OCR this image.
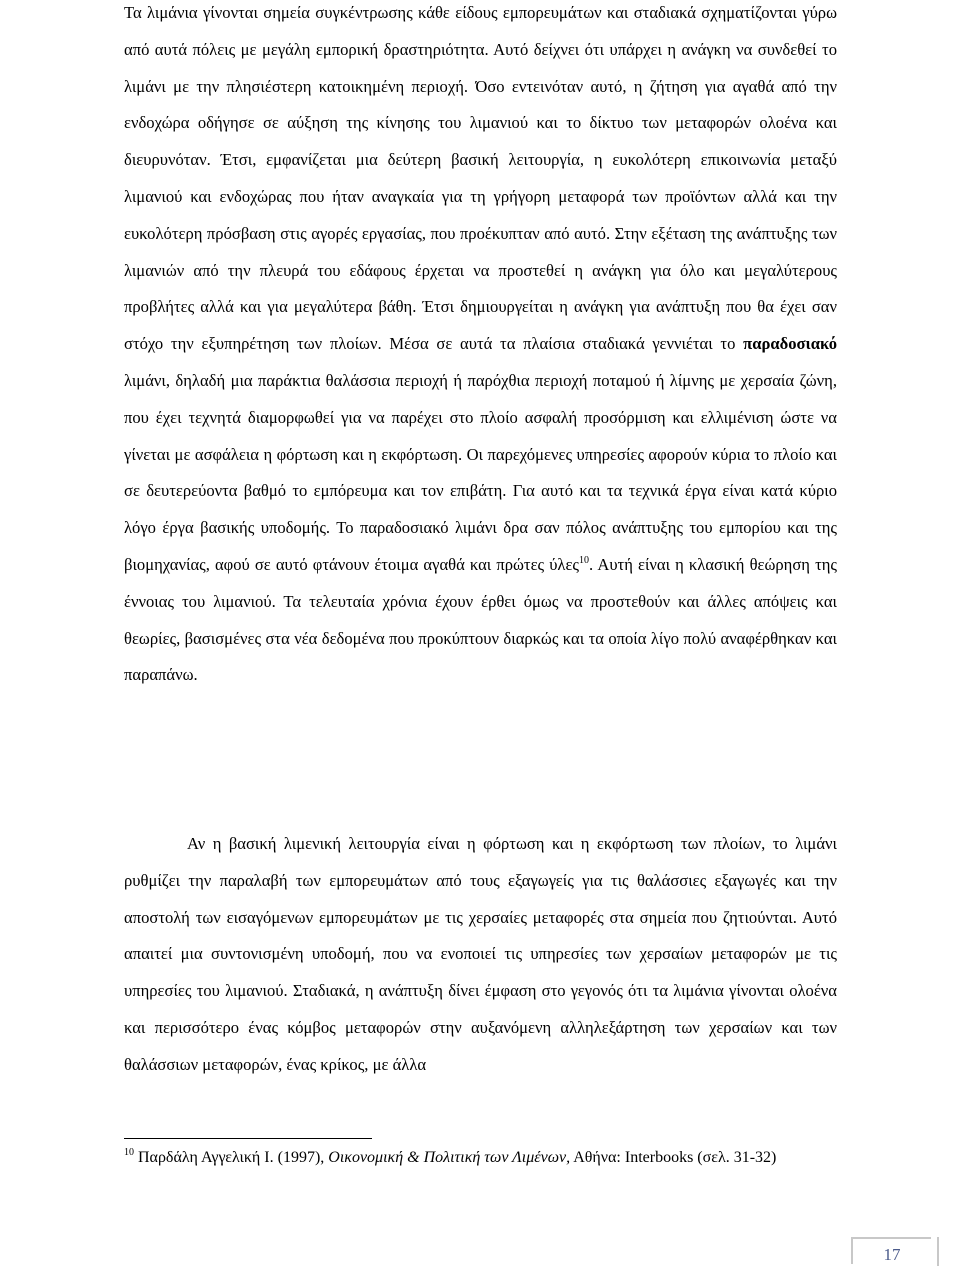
Τα λιμάνια γίνονται σημεία συγκέντρωσης κάθε είδους εμπορευμάτων και σταδιακά σχηματίζονται γύρω από αυτά πόλεις με μεγάλη εμπορική δραστηριότητα. Αυτό δείχνει ότι υπάρχει η ανάγκη να συνδεθεί το λιμάνι με την πλησιέστερη κατοικημένη περιοχή. Όσο εντεινόταν αυτό, η ζήτηση για αγαθά από την ενδοχώρα οδήγησε σε αύξηση της κίνησης του λιμανιού και το δίκτυο των μεταφορών ολοένα και διευρυνόταν. Έτσι, εμφανίζεται μια δεύτερη βασική λειτουργία, η ευκολότερη επικοινωνία μεταξύ λιμανιού και ενδοχώρας που ήταν αναγκαία για τη γρήγορη μεταφορά των προϊόντων αλλά και την ευκολότερη πρόσβαση στις αγορές εργασίας, που προέκυπταν από αυτό. Στην εξέταση της ανάπτυξης των λιμανιών από την πλευρά του εδάφους έρχεται να προστεθεί η ανάγκη για όλο και μεγαλύτερους προβλήτες αλλά και για μεγαλύτερα βάθη. Έτσι δημιουργείται η ανάγκη για ανάπτυξη που θα έχει σαν στόχο την εξυπηρέτηση των πλοίων. Μέσα σε αυτά τα πλαίσια σταδιακά γεννιέται το παραδοσιακό λιμάνι, δηλαδή μια παράκτια θαλάσσια περιοχή ή παρόχθια περιοχή ποταμού ή λίμνης με χερσαία ζώνη, που έχει τεχνητά διαμορφωθεί για να παρέχει στο πλοίο ασφαλή προσόρμιση και ελλιμένιση ώστε να γίνεται με ασφάλεια η φόρτωση και η εκφόρτωση. Οι παρεχόμενες υπηρεσίες αφορούν κύρια το πλοίο και σε δευτερεύοντα βαθμό το εμπόρευμα και τον επιβάτη. Για αυτό και τα τεχνικά έργα είναι κατά κύριο λόγο έργα βασικής υποδομής. Το παραδοσιακό λιμάνι δρα σαν πόλος ανάπτυξης του εμπορίου και της βιομηχανίας, αφού σε αυτό φτάνουν έτοιμα αγαθά και πρώτες ύλες$^{10}$. Αυτή είναι η κλασική θεώρηση της έννοιας του λιμανιού. Τα τελευταία χρόνια έχουν έρθει όμως να προστεθούν και άλλες απόψεις και θεωρίες, βασισμένες στα νέα δεδομένα που προκύπτουν διαρκώς και τα οποία λίγο πολύ αναφέρθηκαν και παραπάνω.

Αν η βασική λιμενική λειτουργία είναι η φόρτωση και η εκφόρτωση των πλοίων, το λιμάνι ρυθμίζει την παραλαβή των εμπορευμάτων από τους εξαγωγείς για τις θαλάσσιες εξαγωγές και την αποστολή των εισαγόμενων εμπορευμάτων με τις χερσαίες μεταφορές στα σημεία που ζητιούνται. Αυτό απαιτεί μια συντονισμένη υποδομή, που να ενοποιεί τις υπηρεσίες των χερσαίων μεταφορών με τις υπηρεσίες του λιμανιού. Σταδιακά, η ανάπτυξη δίνει έμφαση στο γεγονός ότι τα λιμάνια γίνονται ολοένα και περισσότερο ένας κόμβος μεταφορών στην αυξανόμενη αλληλεξάρτηση των χερσαίων και των θαλάσσιων μεταφορών, ένας κρίκος, με άλλα

$^{10}$ Παρδάλη Αγγελική Ι. (1997), Οικονομική & Πολιτική των Λιμένων, Αθήνα: Interbooks (σελ. 31-32)

17
